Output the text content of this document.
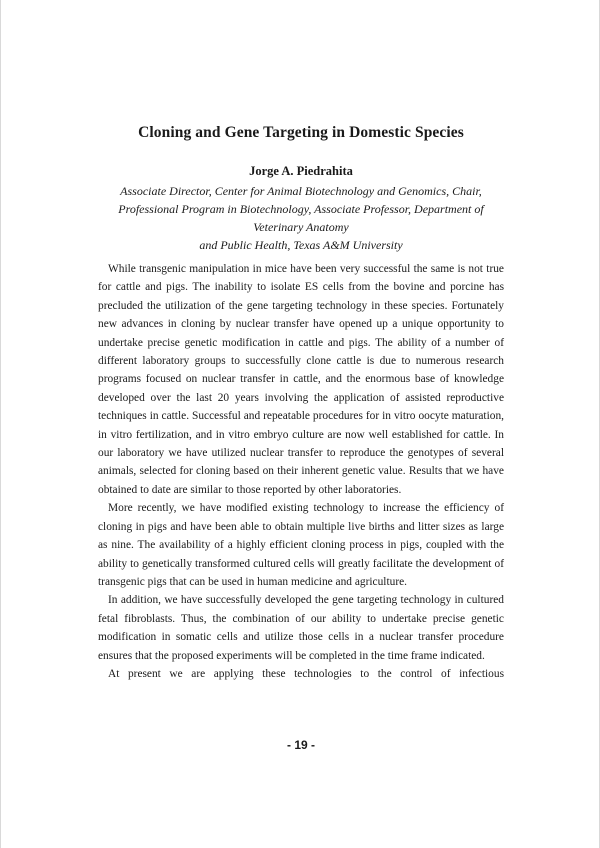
Cloning and Gene Targeting in Domestic Species
Jorge A. Piedrahita
Associate Director, Center for Animal Biotechnology and Genomics, Chair,
Professional Program in Biotechnology, Associate Professor, Department of
Veterinary Anatomy
and Public Health, Texas A&M University

While transgenic manipulation in mice have been very successful the same is not true for cattle and pigs. The inability to isolate ES cells from the bovine and porcine has precluded the utilization of the gene targeting technology in these species. Fortunately new advances in cloning by nuclear transfer have opened up a unique opportunity to undertake precise genetic modification in cattle and pigs. The ability of a number of different laboratory groups to successfully clone cattle is due to numerous research programs focused on nuclear transfer in cattle, and the enormous base of knowledge developed over the last 20 years involving the application of assisted reproductive techniques in cattle. Successful and repeatable procedures for in vitro oocyte maturation, in vitro fertilization, and in vitro embryo culture are now well established for cattle. In our laboratory we have utilized nuclear transfer to reproduce the genotypes of several animals, selected for cloning based on their inherent genetic value. Results that we have obtained to date are similar to those reported by other laboratories.

More recently, we have modified existing technology to increase the efficiency of cloning in pigs and have been able to obtain multiple live births and litter sizes as large as nine. The availability of a highly efficient cloning process in pigs, coupled with the ability to genetically transformed cultured cells will greatly facilitate the development of transgenic pigs that can be used in human medicine and agriculture.

In addition, we have successfully developed the gene targeting technology in cultured fetal fibroblasts. Thus, the combination of our ability to undertake precise genetic modification in somatic cells and utilize those cells in a nuclear transfer procedure ensures that the proposed experiments will be completed in the time frame indicated.

At present we are applying these technologies to the control of infectious

- 19 -
